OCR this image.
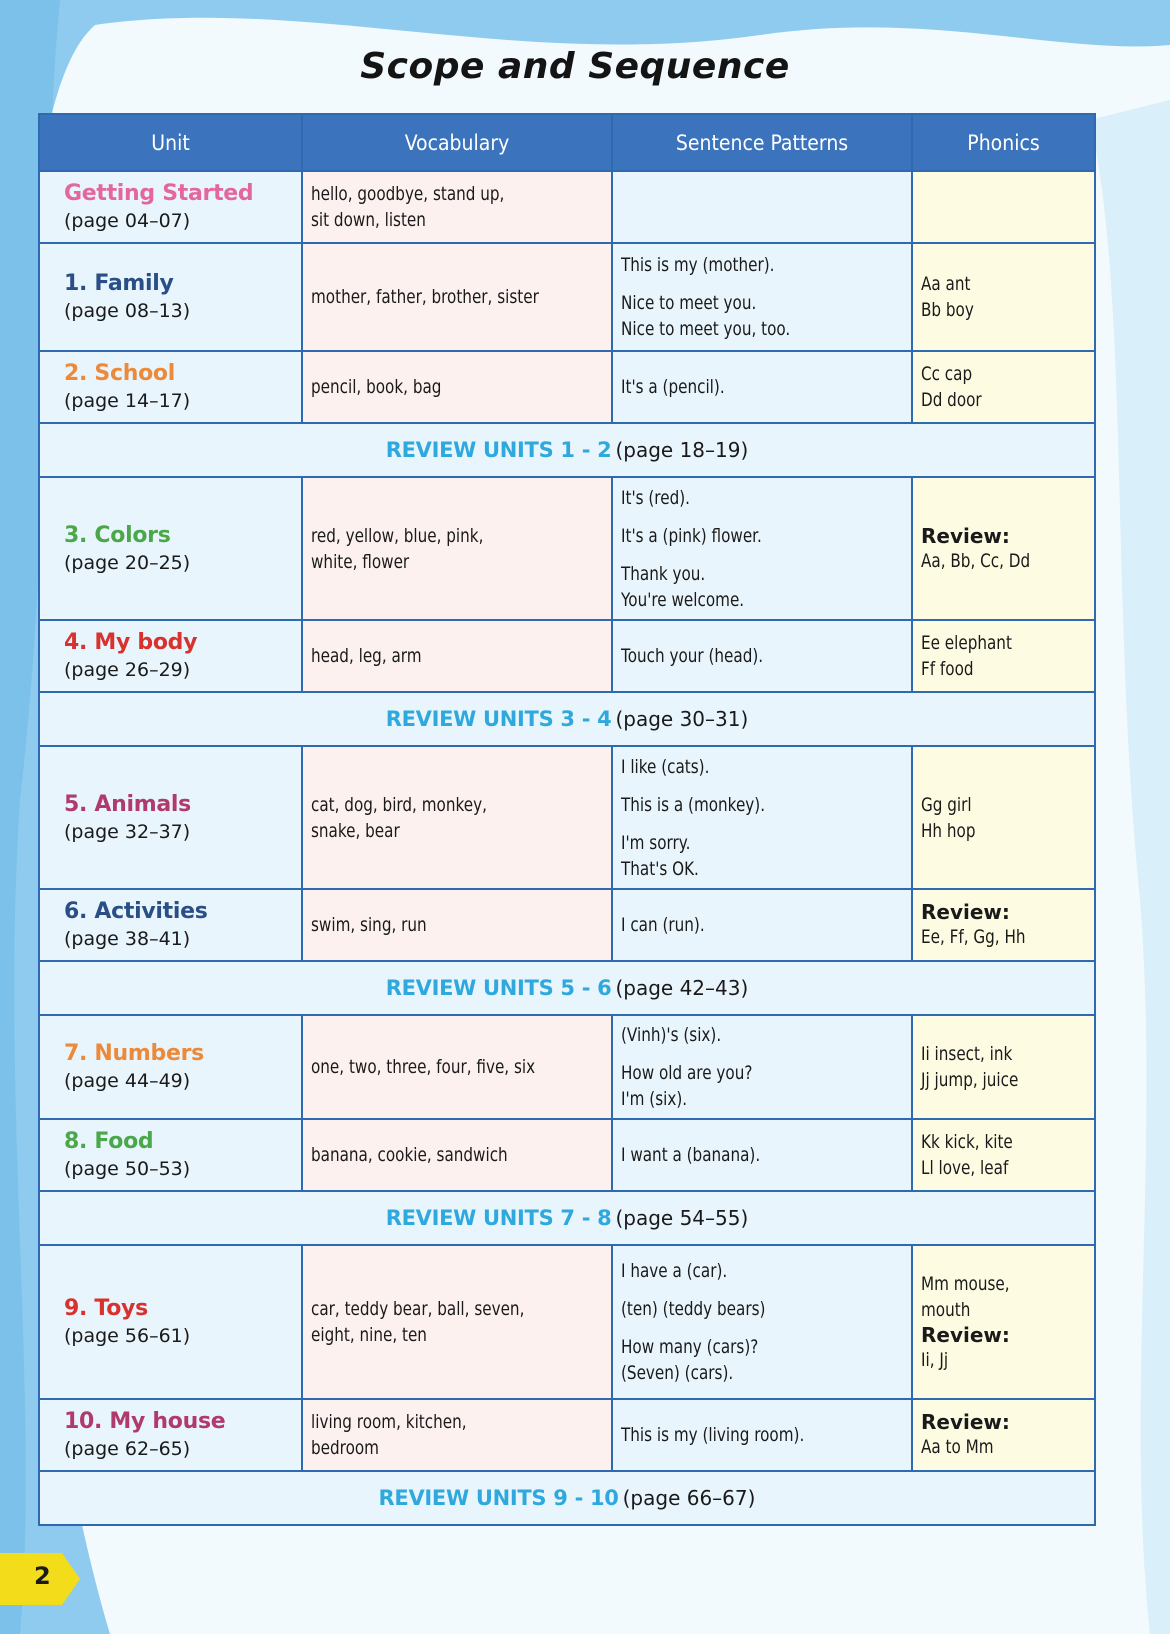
Scope and Sequence
Unit	Vocabulary	Sentence Patterns	Phonics

Getting Started
(page 04–07)	hello, goodbye, stand up,
sit down, listen		

1. Family
(page 08–13)	mother, father, brother, sister	This is my (mother).
Nice to meet you.
Nice to meet you, too.	Aa ant
Bb boy

2. School
(page 14–17)	pencil, book, bag	It's a (pencil).	Cc cap
Dd door

REVIEW UNITS 1 - 2 (page 18–19)			

3. Colors
(page 20–25)	red, yellow, blue, pink,
white, flower	It's (red).
It's a (pink) flower.
Thank you.
You're welcome.	Review:
Aa, Bb, Cc, Dd

4. My body
(page 26–29)	head, leg, arm	Touch your (head).	Ee elephant
Ff food

REVIEW UNITS 3 - 4 (page 30–31)			

5. Animals
(page 32–37)	cat, dog, bird, monkey,
snake, bear	I like (cats).
This is a (monkey).
I'm sorry.
That's OK.	Gg girl
Hh hop

6. Activities
(page 38–41)	swim, sing, run	I can (run).	Review:
Ee, Ff, Gg, Hh

REVIEW UNITS 5 - 6 (page 42–43)			

7. Numbers
(page 44–49)	one, two, three, four, five, six	(Vinh)'s (six).
How old are you?
I'm (six).	Ii insect, ink
Jj jump, juice

8. Food
(page 50–53)	banana, cookie, sandwich	I want a (banana).	Kk kick, kite
Ll love, leaf

REVIEW UNITS 7 - 8 (page 54–55)			

9. Toys
(page 56–61)	car, teddy bear, ball, seven,
eight, nine, ten	I have a (car).
(ten) (teddy bears)
How many (cars)?
(Seven) (cars).	Mm mouse,
mouth
Review:
Ii, Jj

10. My house
(page 62–65)	living room, kitchen,
bedroom	This is my (living room).	Review:
Aa to Mm

REVIEW UNITS 9 - 10 (page 66–67)			
2
